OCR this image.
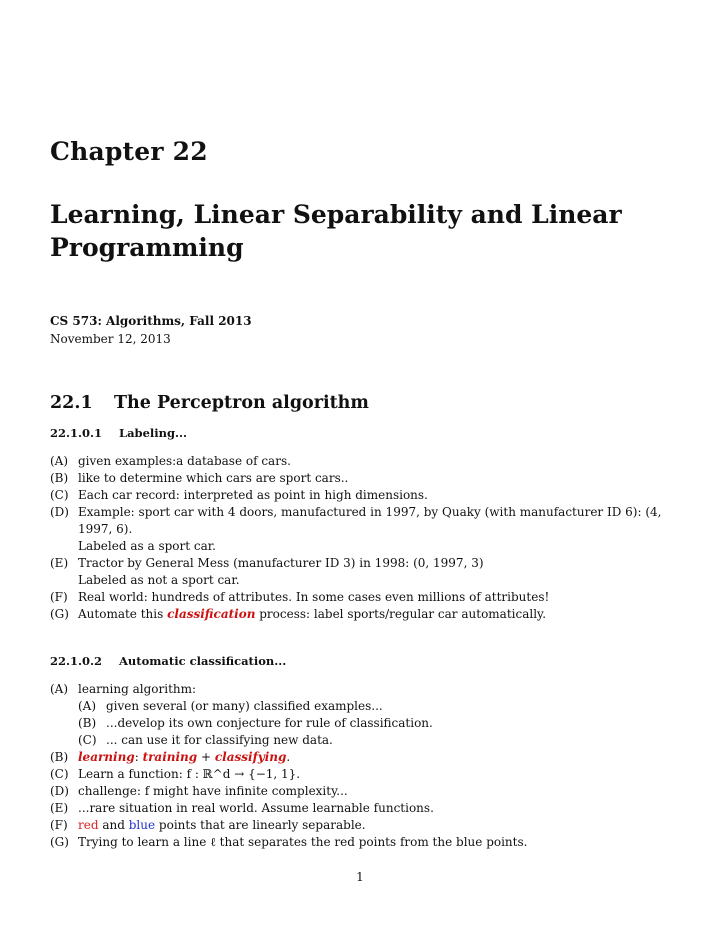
Chapter 22
Learning, Linear Separability and Linear Programming
CS 573: Algorithms, Fall 2013
November 12, 2013
22.1 The Perceptron algorithm
22.1.0.1 Labeling...
(A) given examples:a database of cars.
(B) like to determine which cars are sport cars..
(C) Each car record: interpreted as point in high dimensions.
(D) Example: sport car with 4 doors, manufactured in 1997, by Quaky (with manufacturer ID 6): (4, 1997, 6).
Labeled as a sport car.
(E) Tractor by General Mess (manufacturer ID 3) in 1998: (0, 1997, 3)
Labeled as not a sport car.
(F) Real world: hundreds of attributes. In some cases even millions of attributes!
(G) Automate this classification process: label sports/regular car automatically.
22.1.0.2 Automatic classification...
(A) learning algorithm:
(A) given several (or many) classified examples...
(B) ...develop its own conjecture for rule of classification.
(C) ... can use it for classifying new data.
(B) learning: training + classifying.
(C) Learn a function: f : ℝ^d → {−1, 1}.
(D) challenge: f might have infinite complexity...
(E) ...rare situation in real world. Assume learnable functions.
(F) red and blue points that are linearly separable.
(G) Trying to learn a line ℓ that separates the red points from the blue points.
1
